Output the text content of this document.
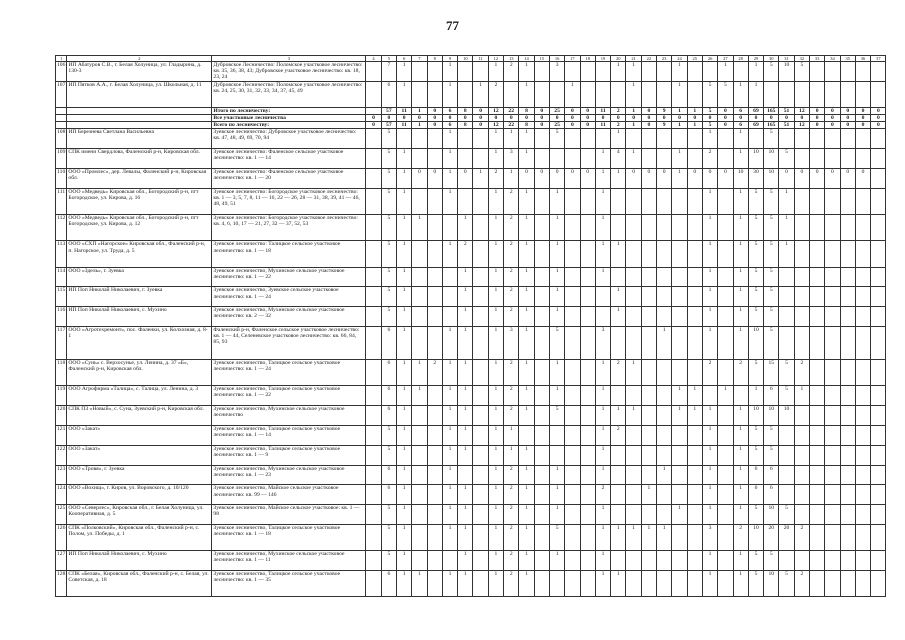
77
1	2	3	4	5	6	7	8	9	10	11	12	13	14	15	16	17	18	19	20	21	22	23	24	25	26	27	28	29	30	31	32	33	34	35	36	37
106	ИП Абатуров С.В., г. Белая Холуница, ул. Гладырина, д. 130-3	Дубровское Лесничество: Поломское участковое лесничество: кв. 35, 36, 38, 43; Дубровское участковое лесничество: кв. 18, 23, 24		7	1			1			1	2	1		3				1	1			1			1		1	5	10	5					
107	ИП Пятков А.А., г. Белая Холуница, ул. Школьная, д. 11	Дубровское Лесничество: Поломское участковое лесничество: кв. 24, 25, 30, 31, 32, 33, 34, 37, 45, 49		6	1			1		1	2		1			1				1			1		5	5	1	1								
		Итого по лесничеству:		57	11	1	0	6	8	0	12	22	8	0	25	0	0	11	2	1	0	9	1	1	5	0	6	69	165	51	12	0	0	0	0	0
		Все участковые лесничества	0	0	0	0	0	0	0	0	0	0	0	0	0	0	0	0	0	0	0	0	0	0	0	0	0	0	0	0	0	0	0	0	0	0
		Всего по лесничеству:	0	57	11	1	0	6	8	0	12	22	8	0	25	0	0	11	2	1	0	9	1	1	5	0	6	69	165	51	12	0	0	0	0	0
108	ИП Березнева Светлана Васильевна	Зуевское лесничество: Дубровское участковое лесничество: кв. 47, 48, 49, 69, 70, 94		5				1			1	1	1		5				1						1		1		5							
109	СПК имени Свердлова, Фаленский р-н, Кировская обл.	Зуевское лесничество: Фаленское сельское участковое лесничество: кв. 1 — 14		5	1			1			1	3	1					1	4	1			1		2		1	10	10	5						
110	ООО «Промлес», дер. Левалы, Фаленский р-н, Кировская обл.	Зуевское лесничество: Фаленское сельское участковое лесничество: кв. 1 — 20		5	1	0	0	1	0	1	2	1	0	0	0	0	0	1	1	0	0	0	1	0	0	0	10	30	10	0	0	0	0	0	0	
111	ООО «Медведь» Кировская обл., Богородский р-н, пгт Богородское, ул. Кирова, д. 16	Зуевское лесничество: Богородское участковое лесничество: кв. 1 — 3, 5, 7, 8, 11 — 16, 22 — 26, 28 — 31, 38, 39, 41 — 46, 48, 49, 51		5	1			1			1	2	1		1			1							1		1	5	5	1						
112	ООО «Медведь» Кировская обл., Богородский р-н, пгт Богородское, ул. Кирова, д. 12	Зуевское лесничество: Богородское участковое лесничество: кв. 4, 6, 10, 17 — 21, 27, 32 — 37, 52, 53		5	1	1			1		1	2	1		1			1							1		1	5	5	1						
113	ООО «СХП «Нагорское» Кировская обл., Фаленский р-н, п. Нагорское, ул. Труда, д. 5	Зуевское лесничество: Талицкое сельское участковое лесничество: кв. 1 — 18		5	1			1	2		1	2	1		1			1	1						1		1	5	5	1						
114	ООО «Здель», г. Зуевка	Зуевское лесничество, Мухинское сельское участковое лесничество: кв. 1 — 22		5	1				1		1	2	1		1			1							1		1	5	5							
115	ИП Поп Николай Николаевич, г. Зуевка	Зуевское лесничество, Зуевское сельское участковое лесничество: кв. 1 — 24		5	1				1		1	2	1		1				1						1		1	5	5							
116	ИП Поп Николай Николаевич, с. Мухино	Зуевское лесничество, Мухинское сельское участковое лесничество: кв. 2 — 32		5	1				1		1	2	1		1				1						1		1	5	5							
117	ООО «Агротехремонт», пос. Фаленки, ул. Колхозная, д. 8-1	Фаленский р-н, Фаленское сельское участковое лесничество: кв. 1 — 44, Селеневское участковое лесничество: кв. 66, 84, 85, 93		6	1			1	1		1	3	1		5			3				1			1		1	10	5							
118	ООО «Сунь» с. Верхосунье, ул. Ленина, д. 37 «Б», Фаленский р-н, Кировская обл.	Зуевское лесничество, Талицкое сельское участковое лесничество: кв. 1 — 24		6	1	1	2	1	1		1	2	1		1			1	2	1					2		2	5	15	5	2					
119	ООО Агрофирма «Талица», с. Талица, ул. Ленина, д. 3	Зуевское лесничество, Талицкое сельское участковое лесничество: кв. 1 — 22		6	1	1		1	1		1	2	1		1			1					1	1		1		1	6	5	1					
120	СПК ПЗ «Новый», с. Суна, Зуевский р-н, Кировская обл.	Зуевское лесничество, Мухинское сельское участковое лесничество		6	1			1	1		1	2	1		5			1	1	1			1	1	1		1	10	10	10						
121	ООО «Закат»	Зуевское лесничество, Талицкое сельское участковое лесничество: кв. 1 — 14		5	1			1	1		1	1						1	2						1		1	5	5							
122	ООО «Закат»	Зуевское лесничество, Талицкое сельское участковое лесничество: кв. 1 — 9		5	1			1	1		1	1	1					1							1		1	5	5							
123	ООО «Тровя», г. Зуевка	Зуевское лесничество, Мухинское сельское участковое лесничество: кв. 1 — 23		6	1			1			1	2	1		1			1				1			1		1	6	6							
124	ООО «Вохищ», г. Киров, ул. Воровского, д. 10/120	Зуевское лесничество, Майское сельское участковое лесничество: кв. 99 — 146		6	1			1	1		1	2	1		1			2			1				1		1	6	6							
125	ООО «Северлес», Кировская обл., г. Белая Холуница, ул. Кооперативная, д. 5	Зуевское лесничество, Майское сельское участковое: кв. 1 — 98		5	1			1	1		1	2	1		1			1					1		1		1	5	10	5						
126	СПК «Полковский», Кировская обл., Фаленский р-н, с. Полом, ул. Победы, д. 1	Зуевское лесничество, Талицкое сельское участковое лесничество: кв. 1 — 18		5	1			1	1		1	2	1		5			1	1	1	1	1			3		2	10	20	20	2					
127	ИП Поп Николай Николаевич, с. Мухино	Зуевское лесничество, Мухинское сельское участковое лесничество: кв. 1 — 11		5	1				1		1	2	1		1			1							1		1	5	5							
128	СПК «Белая», Кировская обл., Фаленский р-н, с. Белая, ул. Советская, д. 18	Зуевское лесничество, Талицкое сельское участковое лесничество: кв. 1 — 35		6	1	1		1	1		1	2	1					1	1						1		1	5	10	5	2					
